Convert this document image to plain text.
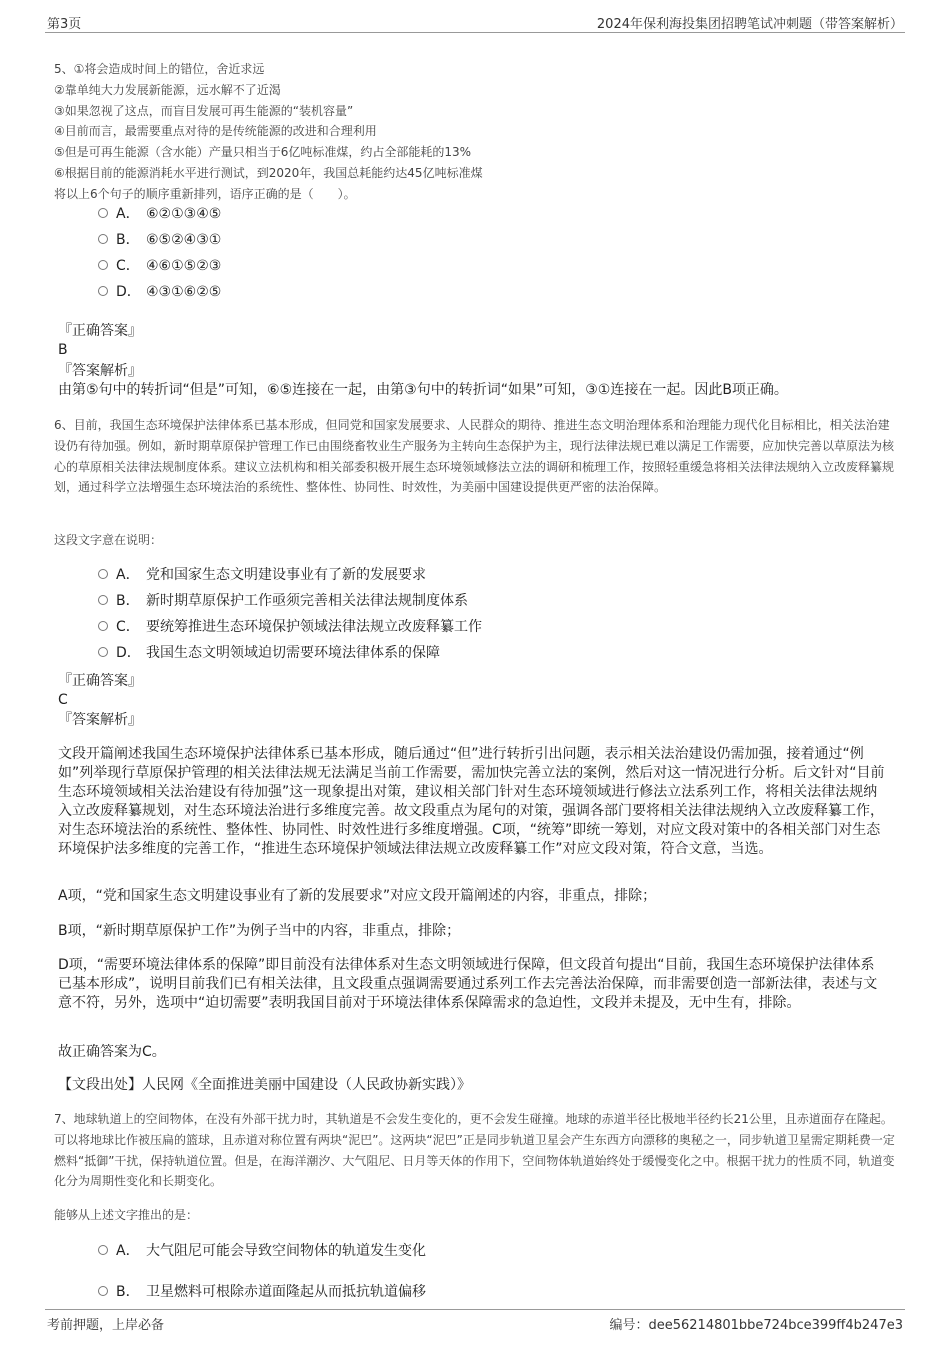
第3页	2024年保利海投集团招聘笔试冲刺题（带答案解析）
5、①将会造成时间上的错位，舍近求远
②靠单纯大力发展新能源，远水解不了近渴
③如果忽视了这点，而盲目发展可再生能源的“装机容量”
④目前而言，最需要重点对待的是传统能源的改进和合理利用
⑤但是可再生能源（含水能）产量只相当于6亿吨标准煤，约占全部能耗的13%
⑥根据目前的能源消耗水平进行测试，到2020年，我国总耗能约达45亿吨标准煤
将以上6个句子的顺序重新排列，语序正确的是（　　）。
A． ⑥②①③④⑤
B． ⑥⑤②④③①
C． ④⑥①⑤②③
D． ④③①⑥②⑤
『正确答案』
B
『答案解析』
由第⑤句中的转折词“但是”可知，⑥⑤连接在一起，由第③句中的转折词“如果”可知，③①连接在一起。因此B项正确。
6、目前，我国生态环境保护法律体系已基本形成，但同党和国家发展要求、人民群众的期待、推进生态文明治理体系和治理能力现代化目标相比，相关法治建设仍有待加强。例如，新时期草原保护管理工作已由围绕畜牧业生产服务为主转向生态保护为主，现行法律法规已难以满足工作需要，应加快完善以草原法为核心的草原相关法律法规制度体系。建议立法机构和相关部委积极开展生态环境领域修法立法的调研和梳理工作，按照轻重缓急将相关法律法规纳入立改废释纂规划，通过科学立法增强生态环境法治的系统性、整体性、协同性、时效性，为美丽中国建设提供更严密的法治保障。
这段文字意在说明：
A． 党和国家生态文明建设事业有了新的发展要求
B． 新时期草原保护工作亟须完善相关法律法规制度体系
C． 要统筹推进生态环境保护领域法律法规立改废释纂工作
D． 我国生态文明领域迫切需要环境法律体系的保障
『正确答案』
C
『答案解析』
文段开篇阐述我国生态环境保护法律体系已基本形成，随后通过“但”进行转折引出问题，表示相关法治建设仍需加强，接着通过“例如”列举现行草原保护管理的相关法律法规无法满足当前工作需要，需加快完善立法的案例，然后对这一情况进行分析。后文针对“目前生态环境领域相关法治建设有待加强”这一现象提出对策，建议相关部门针对生态环境领域进行修法立法系列工作，将相关法律法规纳入立改废释纂规划，对生态环境法治进行多维度完善。故文段重点为尾句的对策，强调各部门要将相关法律法规纳入立改废释纂工作，对生态环境法治的系统性、整体性、协同性、时效性进行多维度增强。C项，“统筹”即统一筹划，对应文段对策中的各相关部门对生态环境保护法多维度的完善工作，“推进生态环境保护领域法律法规立改废释纂工作”对应文段对策，符合文意，当选。
A项，“党和国家生态文明建设事业有了新的发展要求”对应文段开篇阐述的内容，非重点，排除；
B项，“新时期草原保护工作”为例子当中的内容，非重点，排除；
D项，“需要环境法律体系的保障”即目前没有法律体系对生态文明领域进行保障，但文段首句提出“目前，我国生态环境保护法律体系已基本形成”，说明目前我们已有相关法律，且文段重点强调需要通过系列工作去完善法治保障，而非需要创造一部新法律，表述与文意不符，另外，选项中“迫切需要”表明我国目前对于环境法律体系保障需求的急迫性，文段并未提及，无中生有，排除。
故正确答案为C。
【文段出处】人民网《全面推进美丽中国建设（人民政协新实践）》
7、地球轨道上的空间物体，在没有外部干扰力时，其轨道是不会发生变化的，更不会发生碰撞。地球的赤道半径比极地半径约长21公里，且赤道面存在隆起。可以将地球比作被压扁的篮球，且赤道对称位置有两块“泥巴”。这两块“泥巴”正是同步轨道卫星会产生东西方向漂移的奥秘之一，同步轨道卫星需定期耗费一定燃料“抵御”干扰，保持轨道位置。但是，在海洋潮汐、大气阻尼、日月等天体的作用下，空间物体轨道始终处于缓慢变化之中。根据干扰力的性质不同，轨道变化分为周期性变化和长期变化。
能够从上述文字推出的是：
A． 大气阻尼可能会导致空间物体的轨道发生变化
B． 卫星燃料可根除赤道面隆起从而抵抗轨道偏移
考前押题，上岸必备	编号：dee56214801bbe724bce399ff4b247e3
